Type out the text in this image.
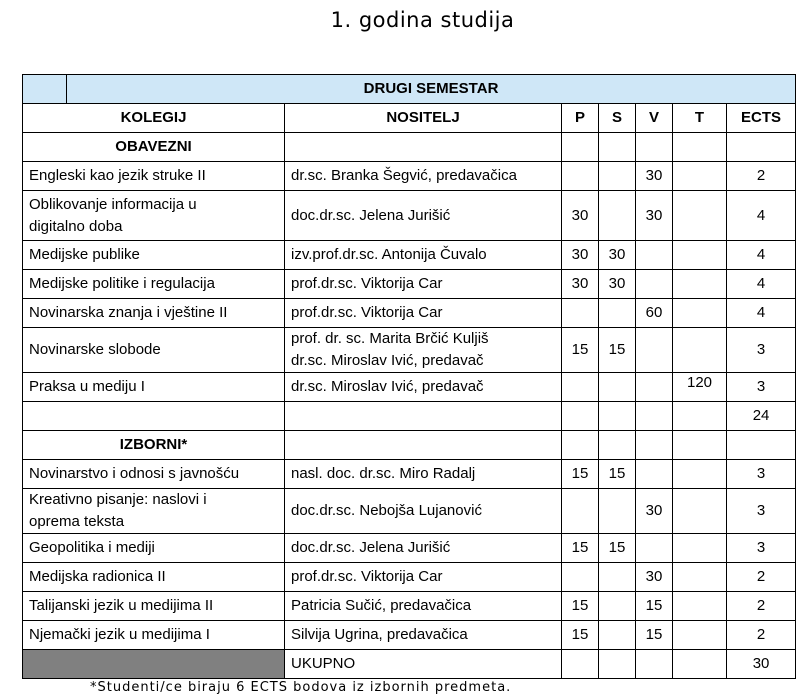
1. godina studija
	DRUGI SEMESTAR						
KOLEGIJ		NOSITELJ	P	S	V	T	ECTS
OBAVEZNI							
Engleski kao jezik struke II		dr.sc. Branka Šegvić, predavačica			30		2

Oblikovanje informacija u
digitalno doba		doc.dr.sc. Jelena Jurišić	30		30		4
Medijske publike		izv.prof.dr.sc. Antonija Čuvalo	30	30			4
Medijske politike i regulacija		prof.dr.sc. Viktorija Car	30	30			4
Novinarska znanja i vještine II		prof.dr.sc. Viktorija Car			60		4
Novinarske slobode		prof. dr. sc. Marita Brčić Kuljiš
dr.sc. Miroslav Ivić, predavač	15	15			3
Praksa u mediju I		dr.sc. Miroslav Ivić, predavač				120	3
							24
IZBORNI*							
Novinarstvo i odnosi s javnošću		nasl. doc. dr.sc. Miro Radalj	15	15			3

Kreativno pisanje: naslovi i
oprema teksta		doc.dr.sc. Nebojša Lujanović			30		3
Geopolitika i mediji		doc.dr.sc. Jelena Jurišić	15	15			3
Medijska radionica II		prof.dr.sc. Viktorija Car			30		2
Talijanski jezik u medijima II		Patricia Sučić, predavačica	15		15		2
Njemački jezik u medijima I		Silvija Ugrina, predavačica	15		15		2
		UKUPNO					30
*Studenti/ce biraju 6 ECTS bodova iz izbornih predmeta.
